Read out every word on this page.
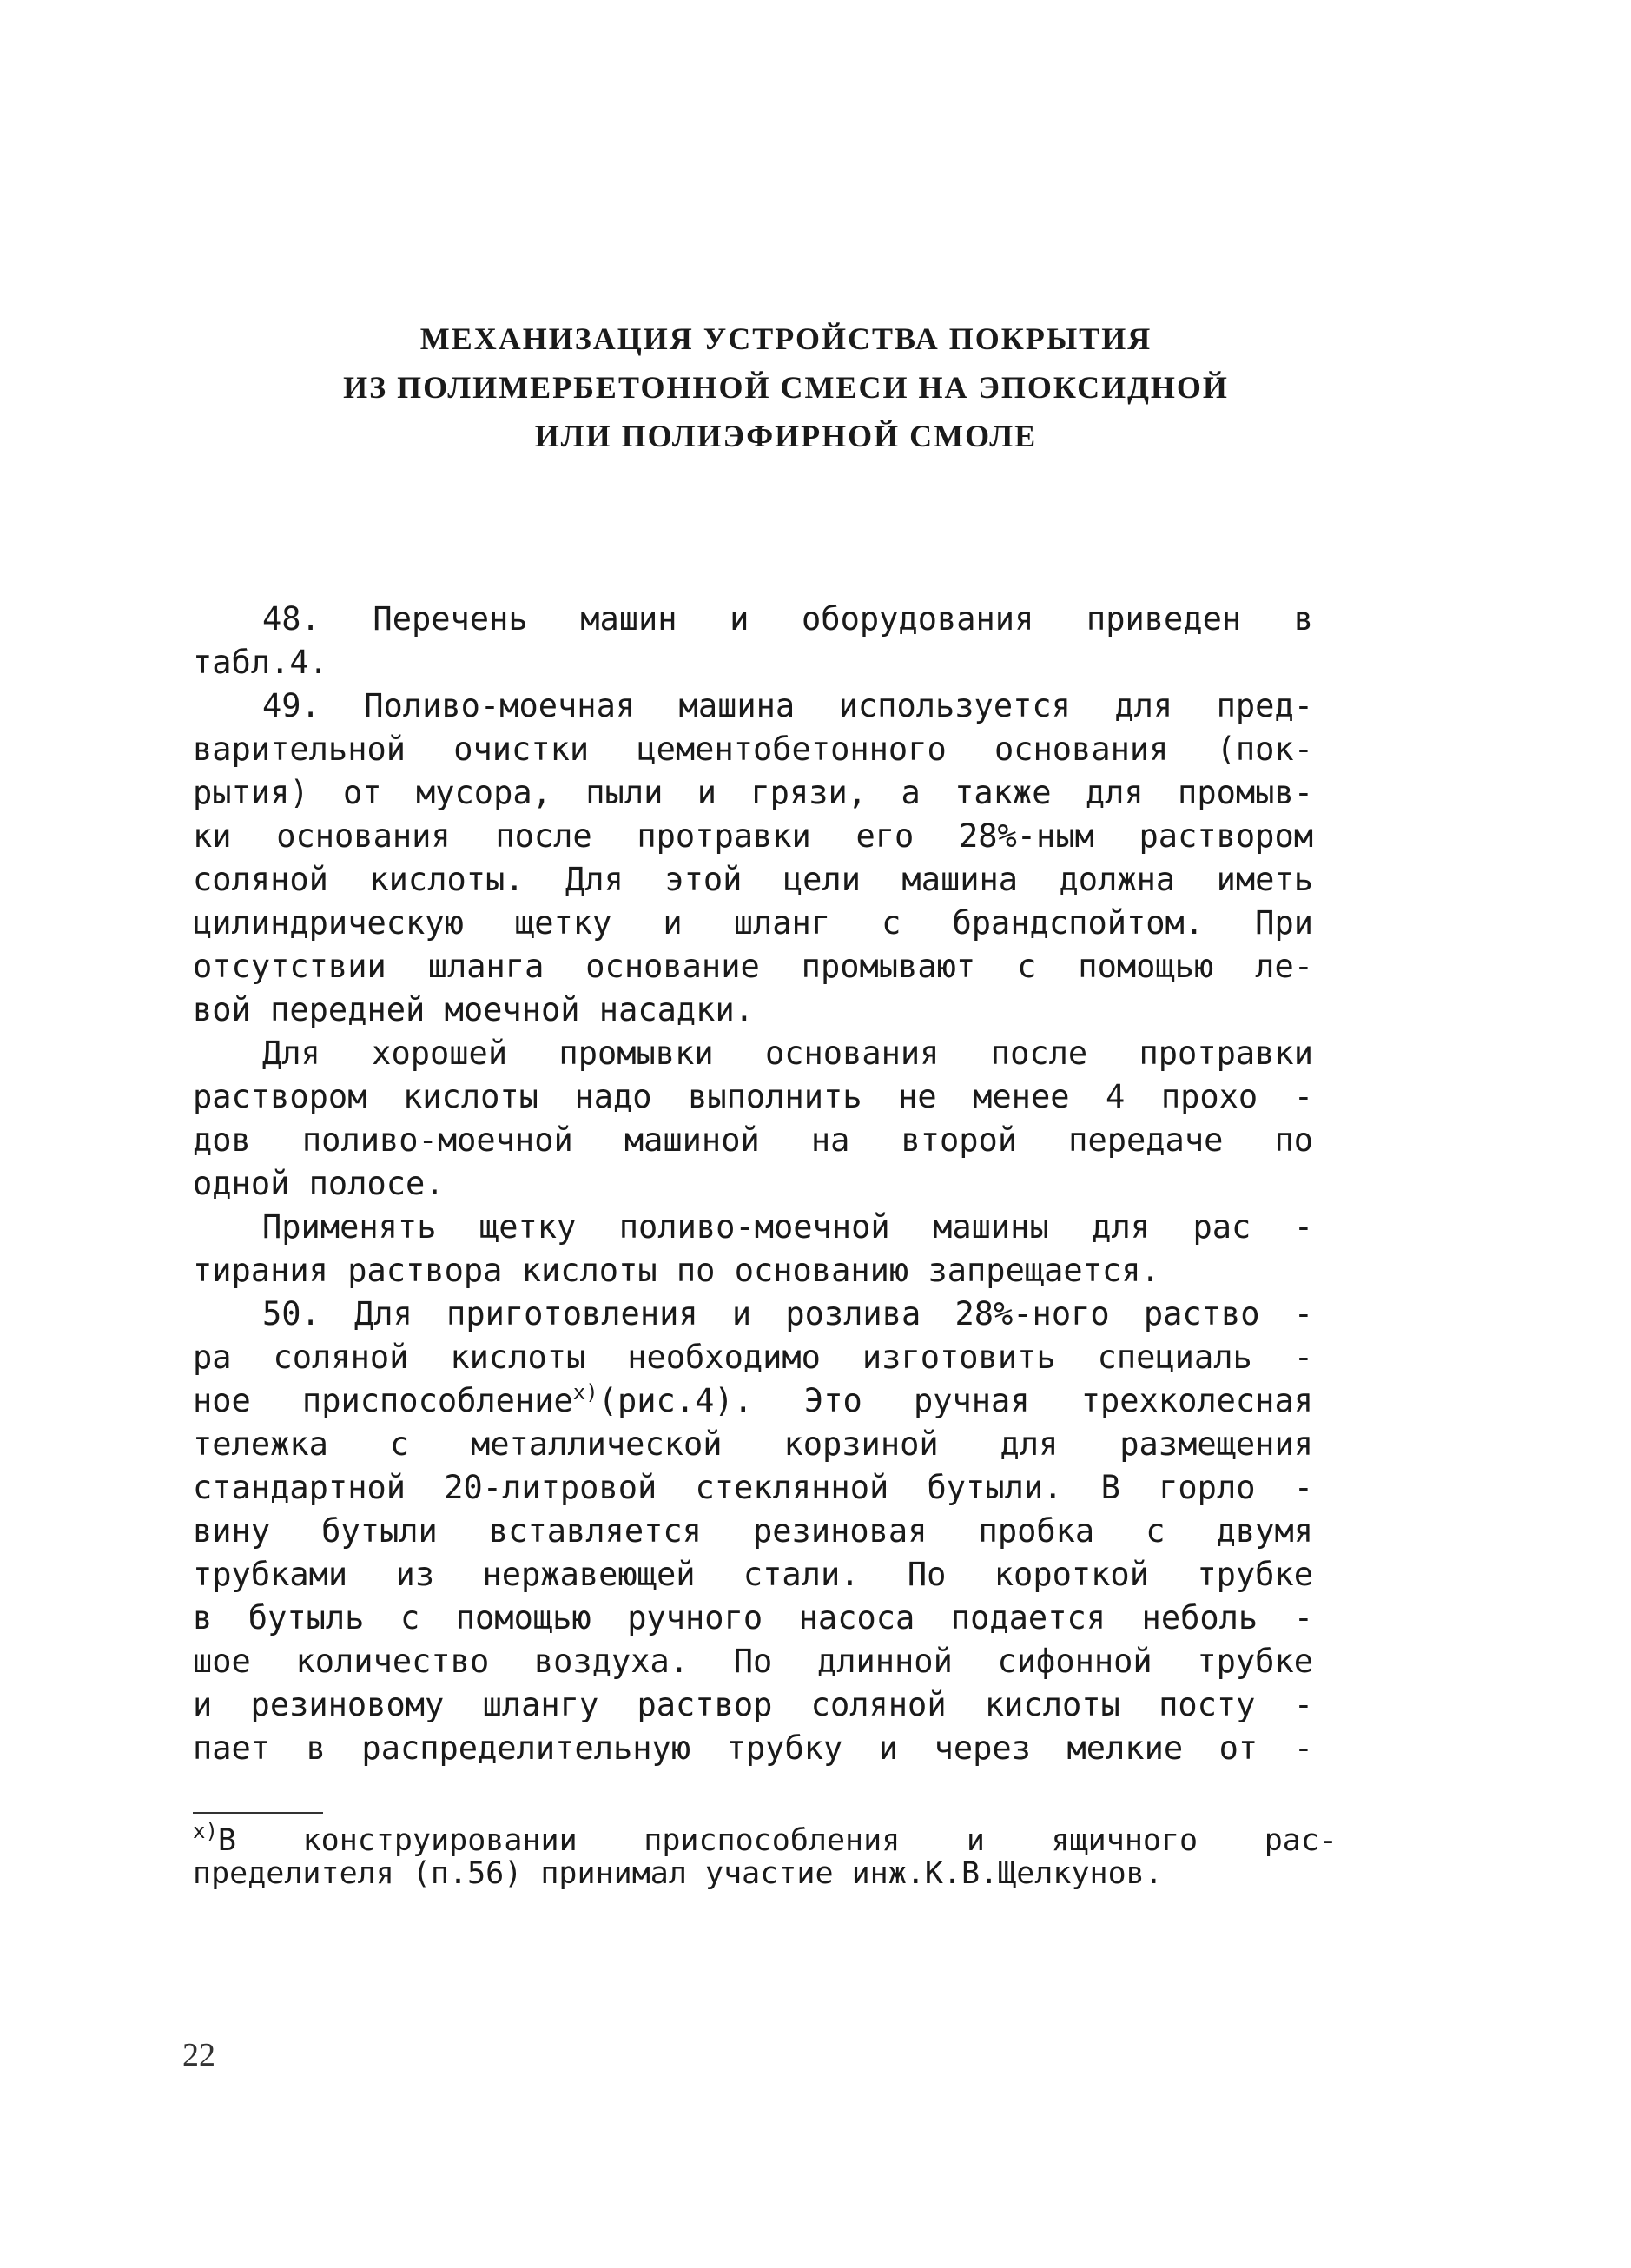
МЕХАНИЗАЦИЯ УСТРОЙСТВА ПОКРЫТИЯ
ИЗ ПОЛИМЕРБЕТОННОЙ СМЕСИ НА ЭПОКСИДНОЙ
ИЛИ ПОЛИЭФИРНОЙ СМОЛЕ
48. Перечень машин и оборудования приведен в
табл.4.
49. Поливо-моечная машина используется для пред-
варительной очистки цементобетонного основания (пок-
рытия) от мусора, пыли и грязи, а также для промыв-
ки основания после протравки его 28%-ным раствором
соляной кислоты. Для этой цели машина должна иметь
цилиндрическую щетку и шланг с брандспойтом. При
отсутствии шланга основание промывают с помощью ле-
вой передней моечной насадки.
Для хорошей промывки основания после протравки
раствором кислоты надо выполнить не менее 4 прохо -
дов поливо-моечной машиной на второй передаче по
одной полосе.
Применять щетку поливо-моечной машины для рас -
тирания раствора кислоты по основанию запрещается.
50. Для приготовления и розлива 28%-ного раство -
ра соляной кислоты необходимо изготовить специаль -
ное приспособление$^{x)}$(рис.4). Это ручная трехколесная
тележка с металлической корзиной для размещения
стандартной 20-литровой стеклянной бутыли. В горло -
вину бутыли вставляется резиновая пробка с двумя
трубками из нержавеющей стали. По короткой трубке
в бутыль с помощью ручного насоса подается неболь -
шое количество воздуха. По длинной сифонной трубке
и резиновому шлангу раствор соляной кислоты посту -
пает в распределительную трубку и через мелкие от -
$^{x)}$В конструировании приспособления и ящичного рас-
пределителя (п.56) принимал участие инж.К.В.Щелкунов.
22
